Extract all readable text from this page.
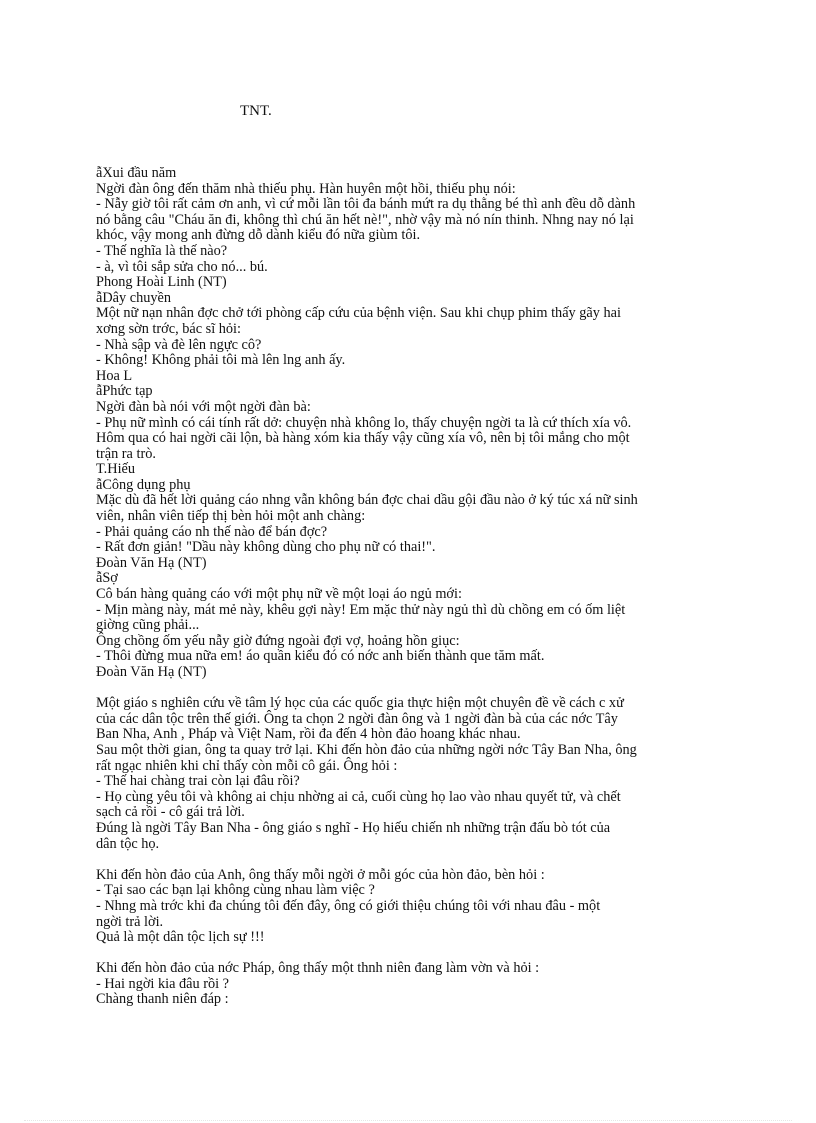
TNT.
ẫXui đầu năm
Ngời đàn ông đến thăm nhà thiếu phụ. Hàn huyên một hồi, thiếu phụ nói:
- Nẫy giờ tôi rất cảm ơn anh, vì cứ mỗi lần tôi đa bánh mứt ra dụ thằng bé thì anh đều dỗ dành
nó bằng câu "Cháu ăn đi, không thì chú ăn hết nè!", nhờ vậy mà nó nín thinh. Nhng nay nó lại
khóc, vậy mong anh đừng dỗ dành kiểu đó nữa giùm tôi.
- Thế nghĩa là thế nào?
- à, vì tôi sắp sửa cho nó... bú.
Phong Hoài Linh (NT)
ẫDây chuyền
Một nữ nạn nhân đợc chở tới phòng cấp cứu của bệnh viện. Sau khi chụp phim thấy gãy hai
xơng sờn trớc, bác sĩ hỏi:
- Nhà sập và đè lên ngực cô?
- Không! Không phải tôi mà lên lng anh ấy.
Hoa L
ẫPhức tạp
Ngời đàn bà nói với một ngời đàn bà:
- Phụ nữ mình có cái tính rất dở: chuyện nhà không lo, thấy chuyện ngời ta là cứ thích xía vô.
Hôm qua có hai ngời cãi lộn, bà hàng xóm kia thấy vậy cũng xía vô, nên bị tôi mắng cho một
trận ra trò.
T.Hiếu
ẫCông dụng phụ
Mặc dù đã hết lời quảng cáo nhng vẫn không bán đợc chai dầu gội đầu nào ở ký túc xá nữ sinh
viên, nhân viên tiếp thị bèn hỏi một anh chàng:
- Phải quảng cáo nh thế nào để bán đợc?
- Rất đơn giản! "Dầu này không dùng cho phụ nữ có thai!".
Đoàn Văn Hạ (NT)
ẫSợ
Cô bán hàng quảng cáo với một phụ nữ về một loại áo ngủ mới:
- Mịn màng này, mát mẻ này, khêu gợi này! Em mặc thử này ngủ thì dù chồng em có ốm liệt
giờng cũng phải...
Ông chồng ốm yếu nẫy giờ đứng ngoài đợi vợ, hoảng hồn giục:
- Thôi đừng mua nữa em! áo quần kiểu đó có nớc anh biến thành que tăm mất.
Đoàn Văn Hạ (NT)
Một giáo s nghiên cứu về tâm lý học của các quốc gia thực hiện một chuyên đề về cách c xử
của các dân tộc trên thế giới. Ông ta chọn 2 ngời đàn ông và 1 ngời đàn bà của các nớc Tây
Ban Nha, Anh , Pháp và Việt Nam, rồi đa đến 4 hòn đảo hoang khác nhau.
Sau một thời gian, ông ta quay trở lại. Khi đến hòn đảo của những ngời nớc Tây Ban Nha, ông
rất ngạc nhiên khi chỉ thấy còn mỗi cô gái. Ông hỏi :
- Thế hai chàng trai còn lại đâu rồi?
- Họ cùng yêu tôi và không ai chịu nhờng ai cả, cuối cùng họ lao vào nhau quyết tử, và chết
sạch cả rồi - cô gái trả lời.
Đúng là ngời Tây Ban Nha - ông giáo s nghĩ - Họ hiếu chiến nh những trận đấu bò tót của
dân tộc họ.
Khi đến hòn đảo của Anh, ông thấy mỗi ngời ở mỗi góc của hòn đảo, bèn hỏi :
- Tại sao các bạn lại không cùng nhau làm việc ?
- Nhng mà trớc khi đa chúng tôi đến đây, ông có giới thiệu chúng tôi với nhau đâu - một
ngời trả lời.
Quả là một dân tộc lịch sự !!!
Khi đến hòn đảo của nớc Pháp, ông thấy một thnh niên đang làm vờn và hỏi :
- Hai ngời kia đâu rồi ?
Chàng thanh niên đáp :
